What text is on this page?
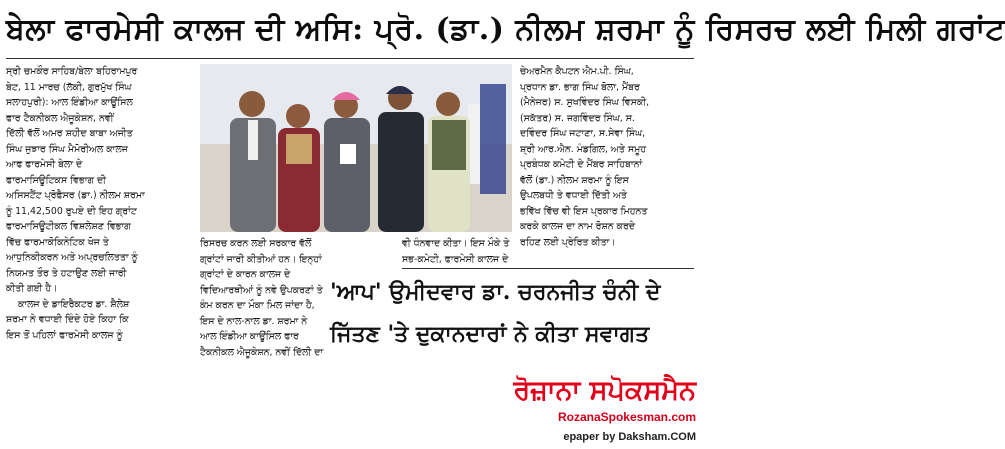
ਬੇਲਾ ਫਾਰਮੇਸੀ ਕਾਲਜ ਦੀ ਅਸਿ: ਪ੍ਰੋ. (ਡਾ.) ਨੀਲਮ ਸ਼ਰਮਾ ਨੂੰ ਰਿਸਰਚ ਲਈ ਮਿਲੀ ਗਰਾਂਟ

ਸ੍ਰੀ ਚਮਕੌਰ ਸਾਹਿਬ/ਬੇਲਾ ਬਹਿਰਾਮਪੁਰ

ਬੇਟ, 11 ਮਾਰਚ (ਲੱਕੀ, ਗੁਰਮੁੱਖ ਸਿੰਘ

ਸਲਾਹਪੁਰੀ): ਆਲ ਇੰਡੀਆ ਕਾਊਂਸਿਲ

ਫਾਰ ਟੈਕਨੀਕਲ ਐਜੂਕੇਸ਼ਨ, ਨਵੀਂ

ਦਿੱਲੀ ਵੱਲੋਂ ਅਮਰ ਸ਼ਹੀਦ ਬਾਬਾ ਅਜੀਤ

ਸਿੰਘ ਜੁਝਾਰ ਸਿੰਘ ਮੈਮੋਰੀਅਲ ਕਾਲਜ

ਆਫ ਫਾਰਮੇਸੀ ਬੇਲਾ ਦੇ

ਫਾਰਮਾਸਿਊਟਿਕਸ ਵਿਭਾਗ ਦੀ

ਅਸਿਸਟੈਂਟ ਪ੍ਰੋਫੈਸਰ (ਡਾ.) ਨੀਲਮ ਸ਼ਰਮਾ

ਨੂੰ 11,42,500 ਰੁਪਏ ਦੀ ਇਹ ਗ੍ਰਾਂਟ

ਫਾਰਮਾਸਿਊਟੀਕਲ ਵਿਸ਼ਲੇਸ਼ਣ ਵਿਭਾਗ

ਵਿੱਚ ਫਾਰਮਾਕੋਕਿਨੇਟਿਕ ਖੋਜ ਤੇ

ਆਧੁਨਿਕੀਕਰਨ ਅਤੇ ਅਪ੍ਰਚਲਿਤਤਾ ਨੂੰ

ਨਿਯਮਤ ਤੌਰ ਤੇ ਹਟਾਉਣ ਲਈ ਜਾਰੀ

ਕੀਤੀ ਗਈ ਹੈ।

ਕਾਲਜ ਦੇ ਡਾਇਰੈਕਟਰ ਡਾ. ਸ਼ੈਲੇਸ਼

ਸ਼ਰਮਾ ਨੇ ਵਧਾਈ ਦਿੰਦੇ ਹੋਏ ਕਿਹਾ ਕਿ

ਇਸ ਤੋਂ ਪਹਿਲਾਂ ਫਾਰਮੇਸੀ ਕਾਲਜ ਨੂੰ

ਰਿਸਰਚ ਕਰਨ ਲਈ ਸਰਕਾਰ ਵੱਲੋਂ

ਗ੍ਰਾਂਟਾਂ ਜਾਰੀ ਕੀਤੀਆਂ ਹਨ। ਇਨ੍ਹਾਂ

ਗ੍ਰਾਂਟਾਂ ਦੇ ਕਾਰਨ ਕਾਲਜ ਦੇ

ਵਿਦਿਆਰਥੀਆਂ ਨੂੰ ਨਵੇ ਉਪਕਰਣਾਂ ਤੇ

ਕੰਮ ਕਰਨ ਦਾ ਮੌਕਾ ਮਿਲ ਜਾਂਦਾ ਹੈ,

ਇਸ ਦੇ ਨਾਲ-ਨਾਲ ਡਾ. ਸ਼ਰਮਾ ਨੇ

ਆਲ ਇੰਡੀਆ ਕਾਊਂਸਿਲ ਫਾਰ

ਟੈਕਨੀਕਲ ਐਜੂਕੇਸ਼ਨ, ਨਵੀਂ ਦਿੱਲੀ ਦਾ

ਵੀ ਧੰਨਵਾਦ ਕੀਤਾ। ਇਸ ਮੌਕੇ ਤੇ

ਸਭ-ਕਮੇਟੀ, ਫਾਰਮੇਸੀ ਕਾਲਜ ਦੇ

ਚੇਅਰਮੈਨ ਕੈਪਟਨ ਐਮ.ਪੀ. ਸਿੰਘ,

ਪ੍ਰਧਾਨ ਡਾ. ਭਾਗ ਸਿੰਘ ਬੋਲਾ, ਮੈਂਬਰ

(ਮੈਨੇਜਰ) ਸ. ਸੁਖਵਿੰਦਰ ਸਿੰਘ ਵਿਸਕੀ,

(ਸਕੱਤਰ) ਸ. ਜਗਵਿੰਦਰ ਸਿੰਘ, ਸ.

ਦਵਿੰਦਰ ਸਿੰਘ ਜਟਾਣਾ, ਸ.ਸੇਵਾ ਸਿੰਘ,

ਸ਼੍ਰੀ ਆਰ.ਐਨ. ਮੰਡਗਿਲ, ਅਤੇ ਸਮੂਹ

ਪ੍ਰਬੰਧਕ ਕਮੇਟੀ ਦੇ ਮੈਂਬਰ ਸਾਹਿਬਾਨਾਂ

ਵੱਲੋਂ (ਡਾ.) ਨੀਲਮ ਸ਼ਰਮਾ ਨੂੰ ਇਸ

ਉਪਲਬਧੀ ਤੇ ਵਧਾਈ ਦਿੱਤੀ ਅਤੇ

ਭਵਿੱਖ ਵਿੱਚ ਵੀ ਇਸ ਪ੍ਰਕਾਰ ਮਿਹਨਤ

ਕਰਕੇ ਕਾਲਜ ਦਾ ਨਾਮ ਰੋਸ਼ਨ ਕਰਦੇ

ਰਹਿਣ ਲਈ ਪ੍ਰੇਰਿਤ ਕੀਤਾ।

'ਆਪ' ਉਮੀਦਵਾਰ ਡਾ. ਚਰਨਜੀਤ ਚੰਨੀ ਦੇ
ਜਿੱਤਣ 'ਤੇ ਦੁਕਾਨਦਾਰਾਂ ਨੇ ਕੀਤਾ ਸਵਾਗਤ
ਰੋਜ਼ਾਨਾ ਸਪੋਕਸਮੈਨ
RozanaSpokesman.com
epaper by Daksham.COM
